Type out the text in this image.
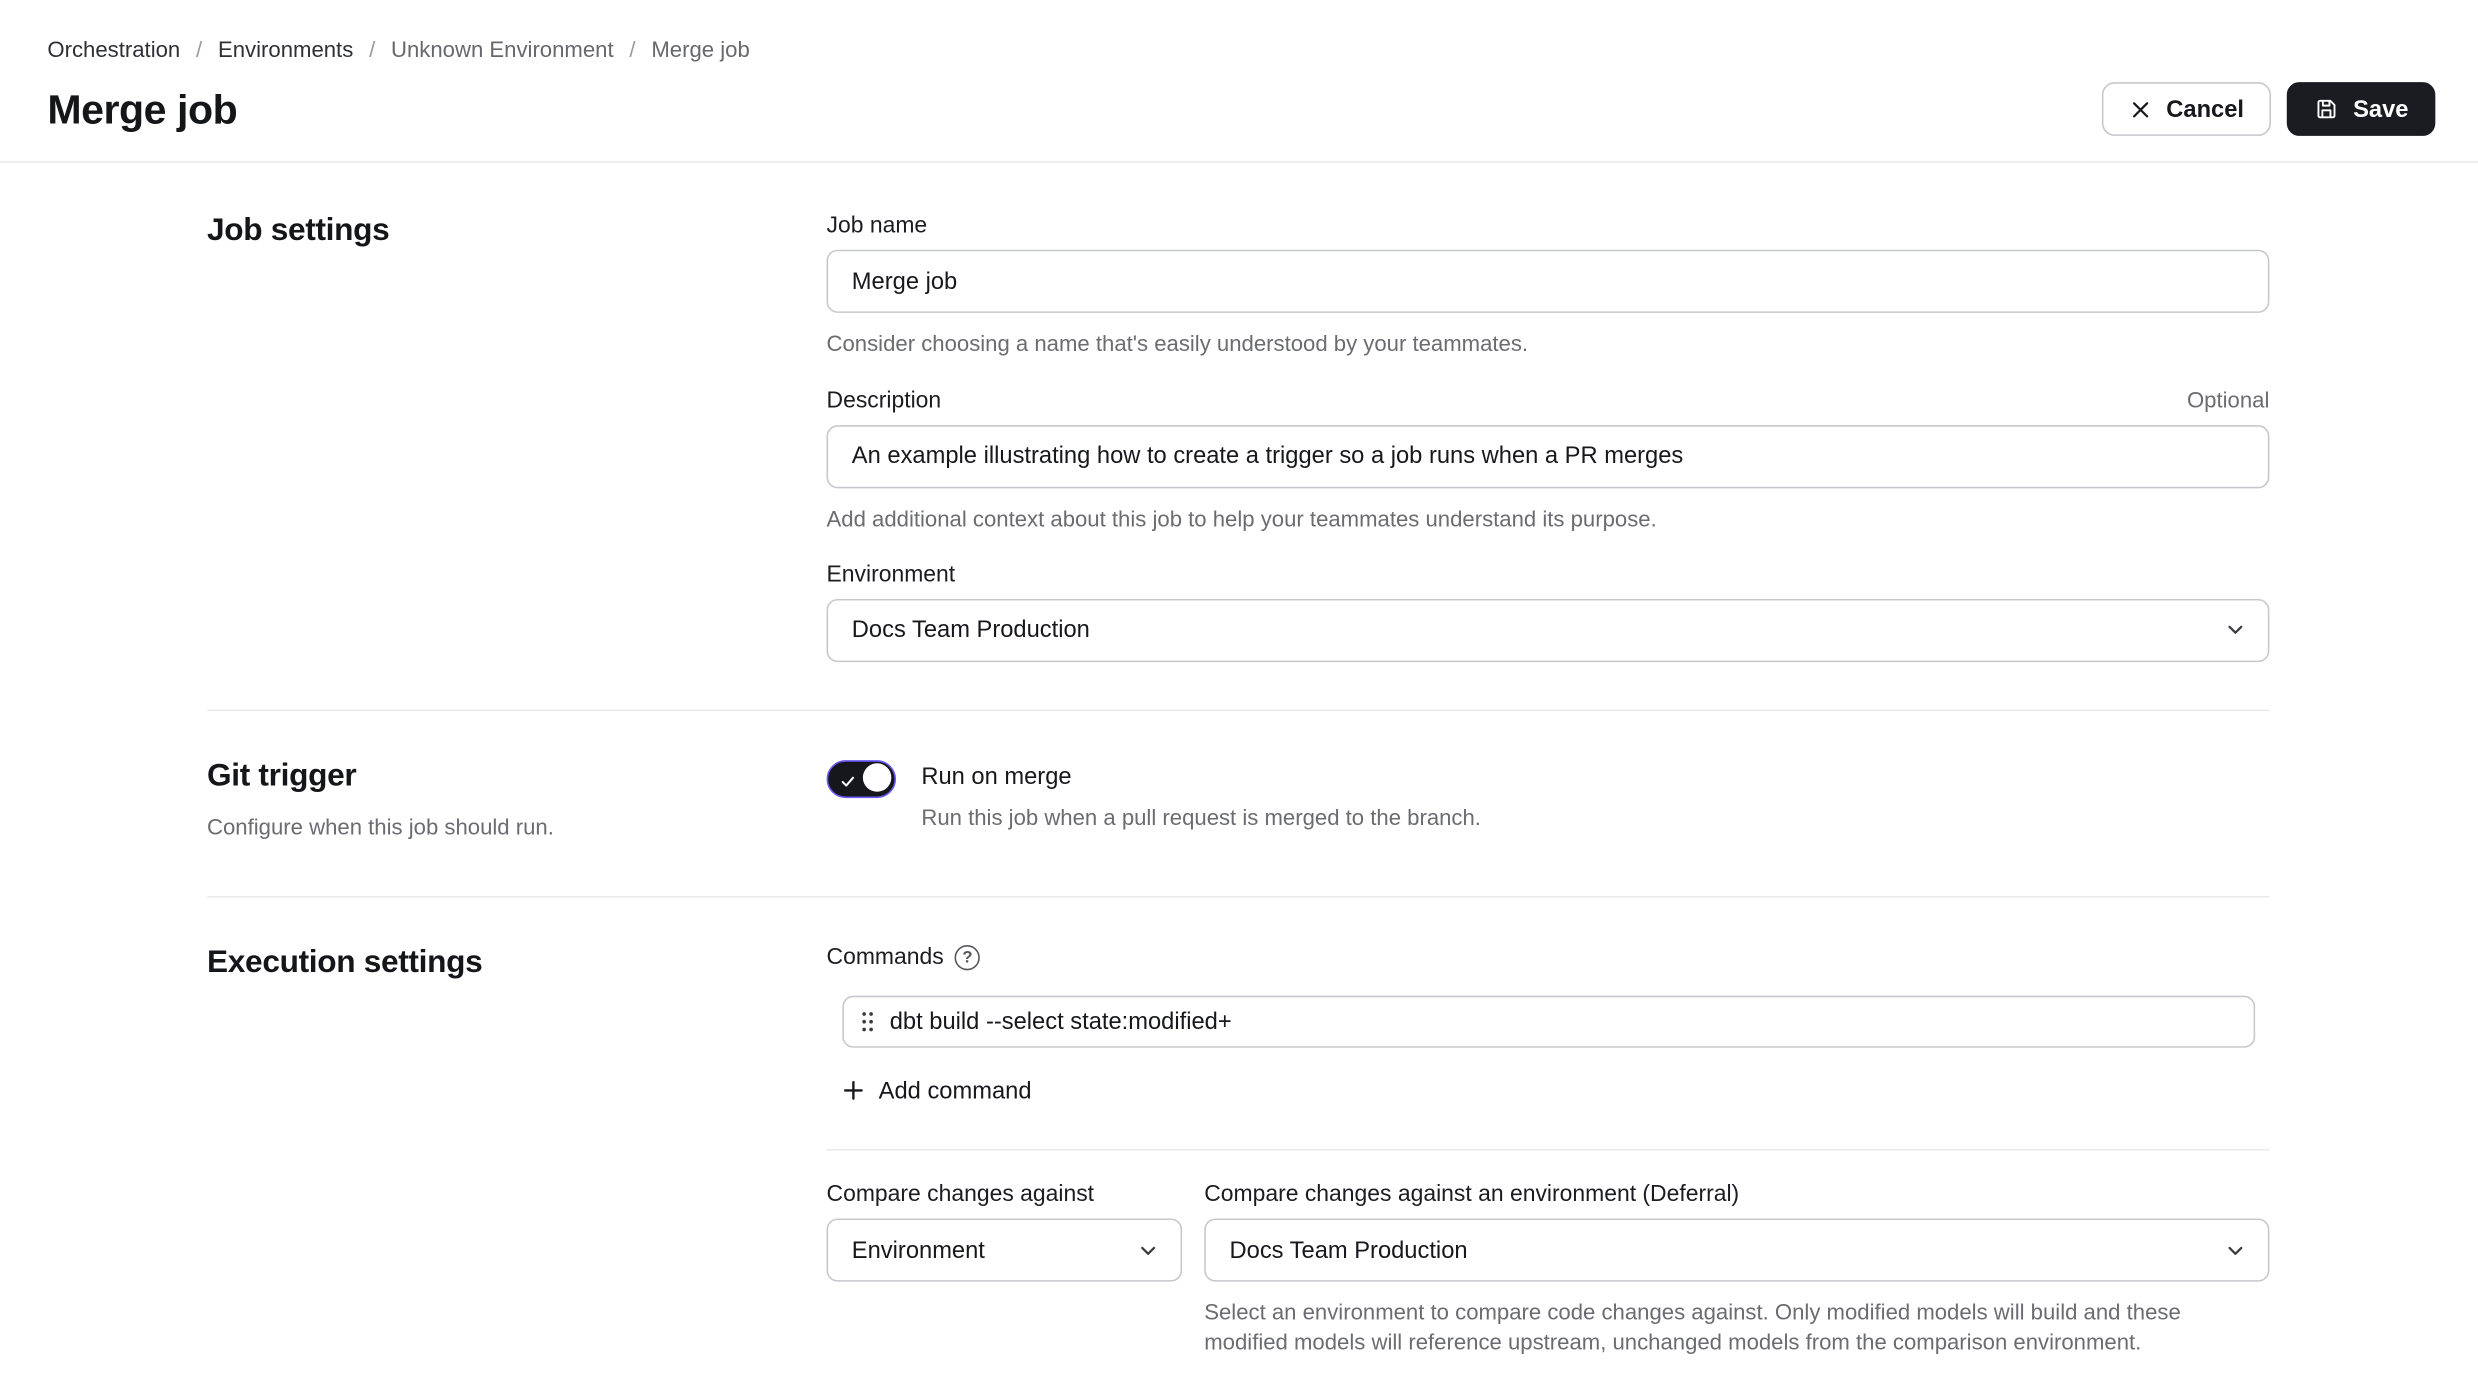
Orchestration / Environments / Unknown Environment / Merge job
Merge job	Cancel	Save
Job settings	Job name
Merge job
Consider choosing a name that's easily understood by your teammates.
Description	Optional
An example illustrating how to create a trigger so a job runs when a PR merges
Add additional context about this job to help your teammates understand its purpose.
Environment
Docs Team Production
Git trigger
Configure when this job should run.
Run on merge
Run this job when a pull request is merged to the branch.
Execution settings	Commands
?
dbt build --select state:modified+
Add command
Compare changes against
Environment
Compare changes against an environment (Deferral)
Docs Team Production
Select an environment to compare code changes against. Only modified models will build and these modified models will reference upstream, unchanged models from the comparison environment.
